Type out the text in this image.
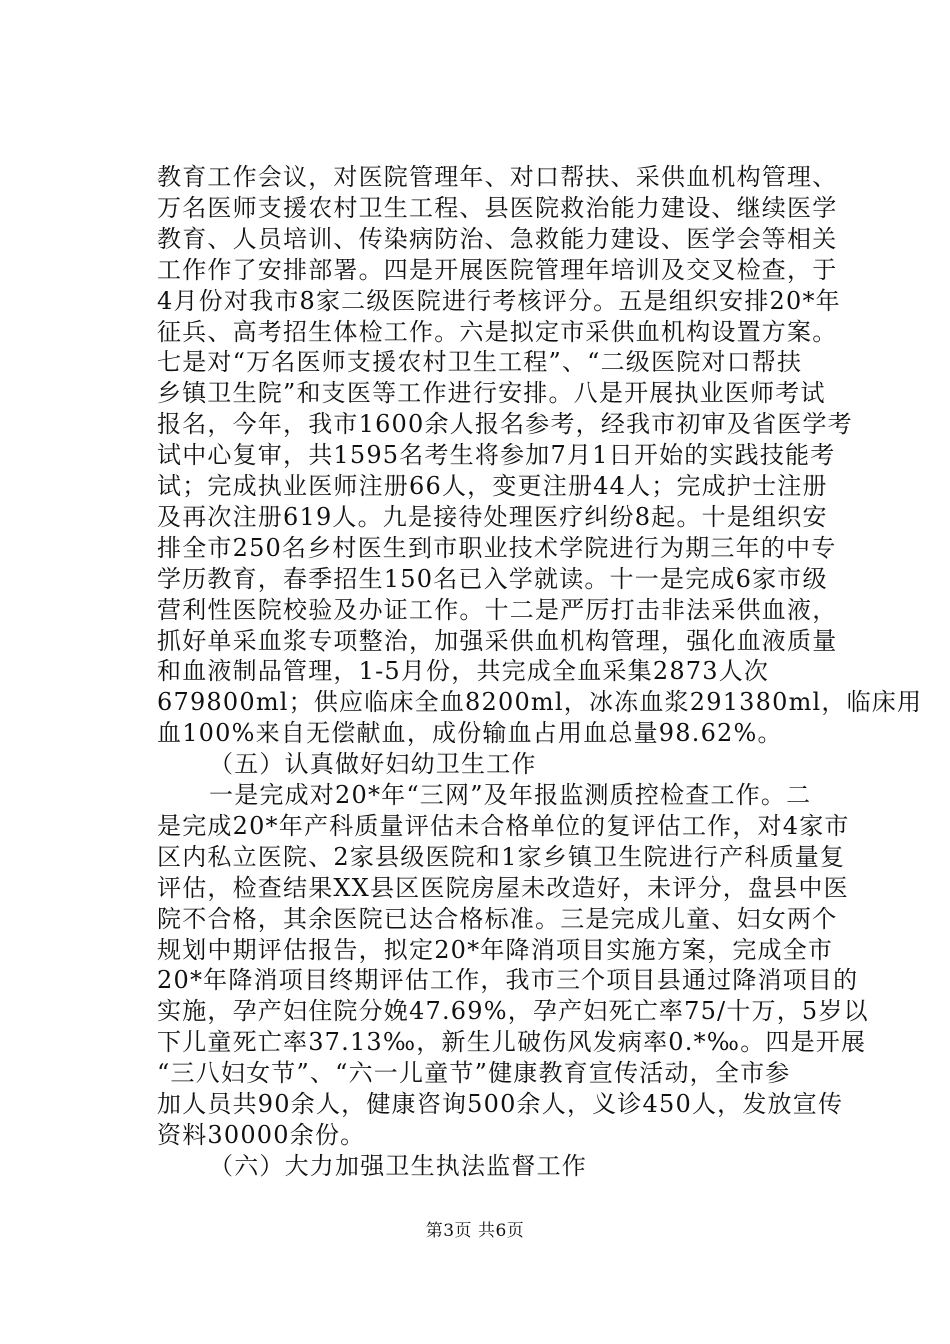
教育工作会议，对医院管理年、对口帮扶、采供血机构管理、
万名医师支援农村卫生工程、县医院救治能力建设、继续医学
教育、人员培训、传染病防治、急救能力建设、医学会等相关
工作作了安排部署。四是开展医院管理年培训及交叉检查，于
4月份对我市8家二级医院进行考核评分。五是组织安排20*年
征兵、高考招生体检工作。六是拟定市采供血机构设置方案。
七是对“万名医师支援农村卫生工程”、“二级医院对口帮扶
乡镇卫生院”和支医等工作进行安排。八是开展执业医师考试
报名，今年，我市1600余人报名参考，经我市初审及省医学考
试中心复审，共1595名考生将参加7月1日开始的实践技能考
试；完成执业医师注册66人，变更注册44人；完成护士注册
及再次注册619人。九是接待处理医疗纠纷8起。十是组织安
排全市250名乡村医生到市职业技术学院进行为期三年的中专
学历教育，春季招生150名已入学就读。十一是完成6家市级
营利性医院校验及办证工作。十二是严厉打击非法采供血液，
抓好单采血浆专项整治，加强采供血机构管理，强化血液质量
和血液制品管理，1-5月份，共完成全血采集2873人次
679800ml；供应临床全血8200ml，冰冻血浆291380ml，临床用
血100%来自无偿献血，成份输血占用血总量98.62%。
（五）认真做好妇幼卫生工作
一是完成对20*年“三网”及年报监测质控检查工作。二
是完成20*年产科质量评估未合格单位的复评估工作，对4家市
区内私立医院、2家县级医院和1家乡镇卫生院进行产科质量复
评估，检查结果XX县区医院房屋未改造好，未评分，盘县中医
院不合格，其余医院已达合格标准。三是完成儿童、妇女两个
规划中期评估报告，拟定20*年降消项目实施方案，完成全市
20*年降消项目终期评估工作，我市三个项目县通过降消项目的
实施，孕产妇住院分娩47.69%，孕产妇死亡率75/十万，5岁以
下儿童死亡率37.13‰，新生儿破伤风发病率0.*‰。四是开展
“三八妇女节”、“六一儿童节”健康教育宣传活动，全市参
加人员共90余人，健康咨询500余人，义诊450人，发放宣传
资料30000余份。
（六）大力加强卫生执法监督工作
第3页 共6页
